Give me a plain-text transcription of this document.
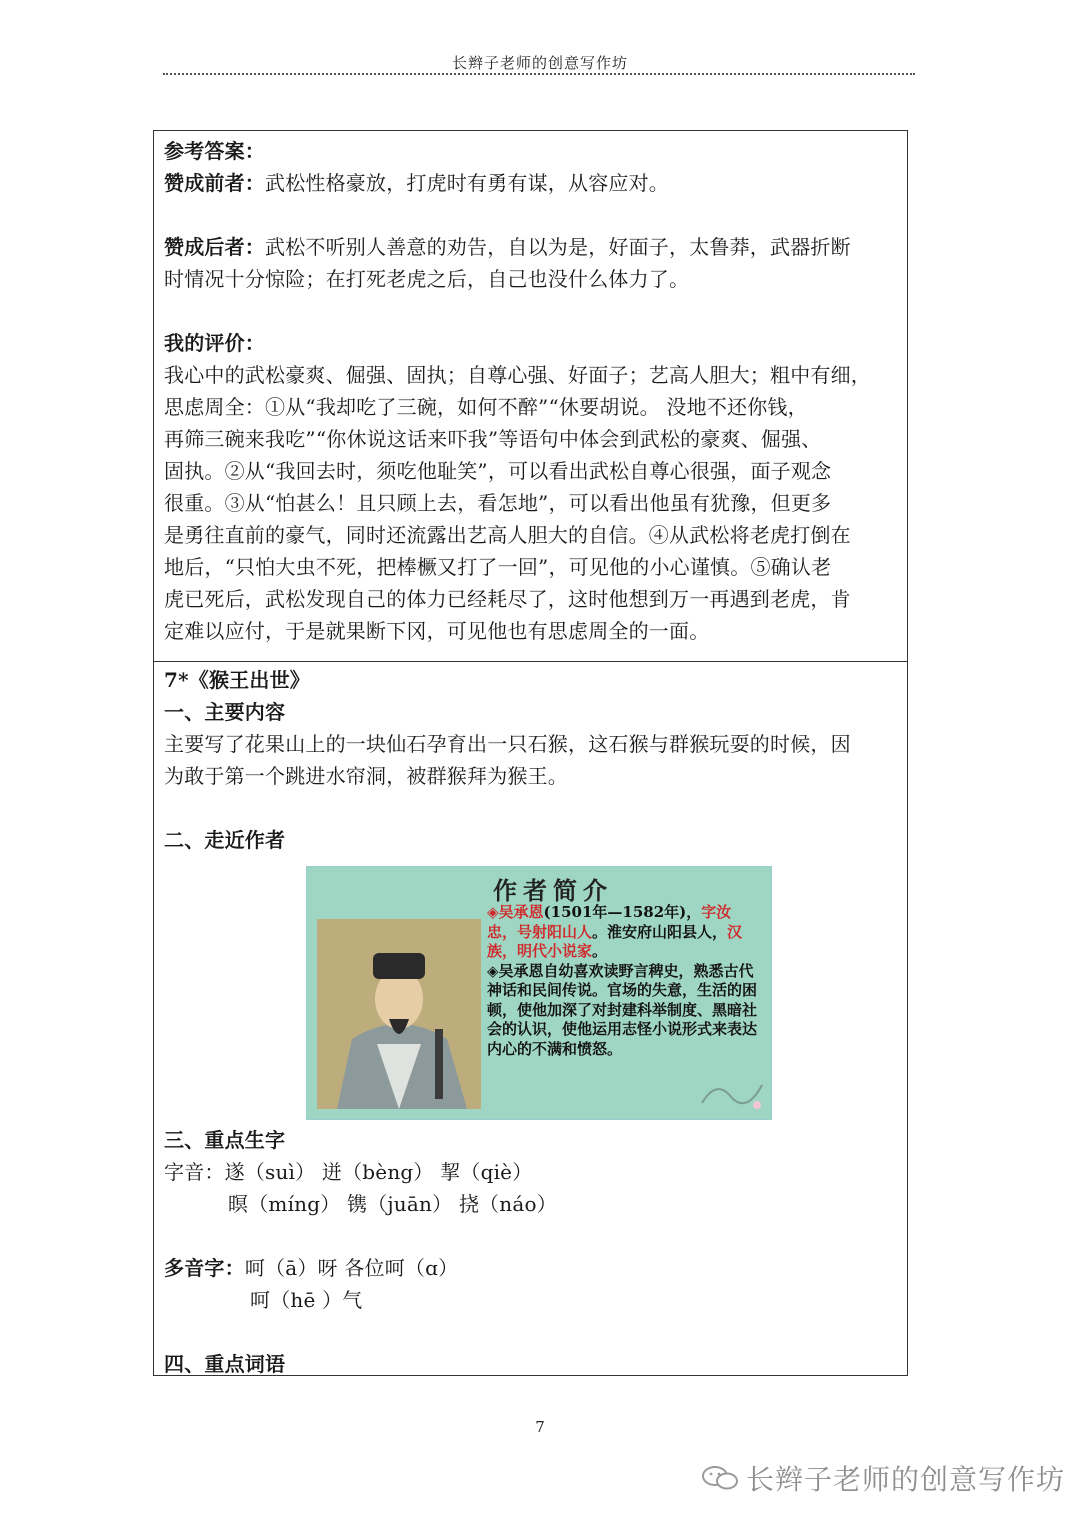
长辫子老师的创意写作坊
参考答案：
赞成前者：武松性格豪放，打虎时有勇有谋，从容应对。
赞成后者：武松不听别人善意的劝告，自以为是，好面子，太鲁莽，武器折断
时情况十分惊险；在打死老虎之后，自己也没什么体力了。
我的评价：
我心中的武松豪爽、倔强、固执；自尊心强、好面子；艺高人胆大；粗中有细，
思虑周全：①从“我却吃了三碗，如何不醉”“休要胡说。 没地不还你钱，
再筛三碗来我吃”“你休说这话来吓我”等语句中体会到武松的豪爽、倔强、
固执。②从“我回去时，须吃他耻笑”，可以看出武松自尊心很强，面子观念
很重。③从“怕甚么！且只顾上去，看怎地”，可以看出他虽有犹豫，但更多
是勇往直前的豪气，同时还流露出艺高人胆大的自信。④从武松将老虎打倒在
地后，“只怕大虫不死，把棒橛又打了一回”，可见他的小心谨慎。⑤确认老
虎已死后，武松发现自己的体力已经耗尽了，这时他想到万一再遇到老虎，肯
定难以应付，于是就果断下冈，可见他也有思虑周全的一面。
7*《猴王出世》
一、主要内容
主要写了花果山上的一块仙石孕育出一只石猴，这石猴与群猴玩耍的时候，因
为敢于第一个跳进水帘洞，被群猴拜为猴王。
二、走近作者
作者简介
◈吴承恩(1501年—1582年)，字汝忠，号射阳山人。淮安府山阳县人，汉族，明代小说家。
◈吴承恩自幼喜欢读野言稗史，熟悉古代神话和民间传说。官场的失意，生活的困顿，使他加深了对封建科举制度、黑暗社会的认识，使他运用志怪小说形式来表达内心的不满和愤怒。
三、重点生字
字音：遂（suì） 迸（bèng） 挈（qiè）
暝（míng） 镌（juān） 挠（náo）
多音字：呵（ā）呀 各位呵（ɑ）
呵（hē ）气
四、重点词语
7
长辫子老师的创意写作坊
